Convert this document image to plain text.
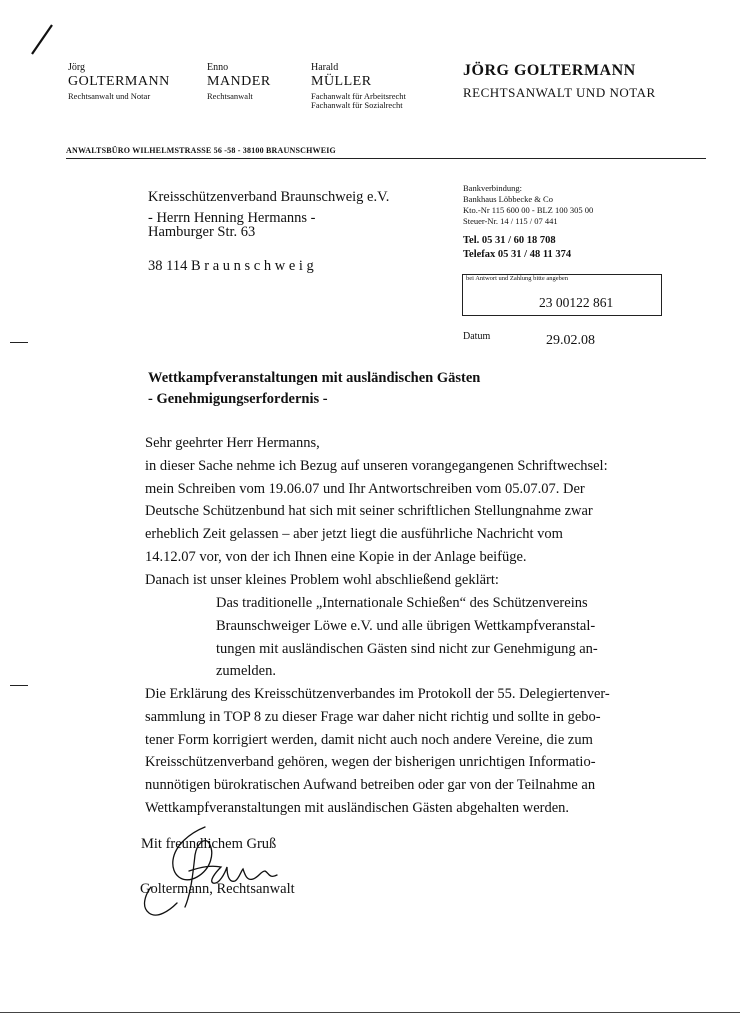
Jörg
GOLTERMANN
Rechtsanwalt und Notar
Enno
MANDER
Rechtsanwalt
Harald
MÜLLER
Fachanwalt für Arbeitsrecht
Fachanwalt für Sozialrecht
JÖRG GOLTERMANN
RECHTSANWALT UND NOTAR
ANWALTSBÜRO WILHELMSTRASSE 56 -58 - 38100 BRAUNSCHWEIG
Kreisschützenverband Braunschweig e.V.
- Herrn Henning Hermanns -
Hamburger Str. 63
38 114 B r a u n s c h w e i g
Bankverbindung:
Bankhaus Löbbecke & Co
Kto.-Nr 115 600 00 - BLZ 100 305 00
Steuer-Nr. 14 / 115 / 07 441
Tel. 05 31 / 60 18 708
Telefax 05 31 / 48 11 374
bei Antwort und Zahlung bitte angeben
23 00122 861
Datum	29.02.08
Wettkampfveranstaltungen mit ausländischen Gästen
- Genehmigungserfordernis -
Sehr geehrter Herr Hermanns,
in dieser Sache nehme ich Bezug auf unseren vorangegangenen Schriftwechsel:
mein Schreiben vom 19.06.07 und Ihr Antwortschreiben vom 05.07.07. Der
Deutsche Schützenbund hat sich mit seiner schriftlichen Stellungnahme zwar
erheblich Zeit gelassen – aber jetzt liegt die ausführliche Nachricht vom
14.12.07 vor, von der ich Ihnen eine Kopie in der Anlage beifüge.
Danach ist unser kleines Problem wohl abschließend geklärt:
Das traditionelle „Internationale Schießen“ des Schützenvereins
Braunschweiger Löwe e.V. und alle übrigen Wettkampfveranstal-
tungen mit ausländischen Gästen sind nicht zur Genehmigung an-
zumelden.
Die Erklärung des Kreisschützenverbandes im Protokoll der 55. Delegiertenver-
sammlung in TOP 8 zu dieser Frage war daher nicht richtig und sollte in gebo-
tener Form korrigiert werden, damit nicht auch noch andere Vereine, die zum
Kreisschützenverband gehören, wegen der bisherigen unrichtigen Informatio-
nunnötigen bürokratischen Aufwand betreiben oder gar von der Teilnahme an
Wettkampfveranstaltungen mit ausländischen Gästen abgehalten werden.
Mit freundlichem Gruß
Goltermann, Rechtsanwalt
